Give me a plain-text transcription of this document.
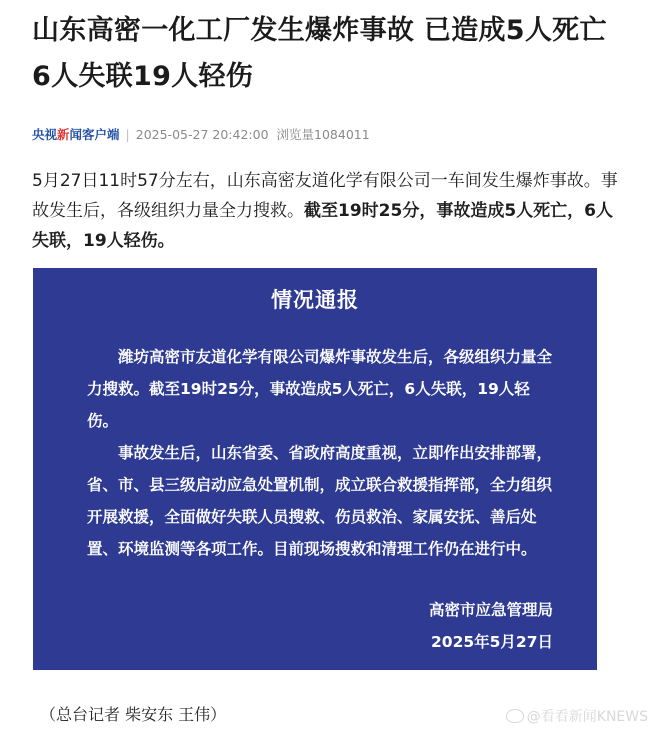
山东高密一化工厂发生爆炸事故 已造成5人死亡6人失联19人轻伤
央视新闻客户端 | 2025-05-27 20:42:00 浏览量1084011

5月27日11时57分左右，山东高密友道化学有限公司一车间发生爆炸事故。事故发生后，各级组织力量全力搜救。截至19时25分，事故造成5人死亡，6人失联，19人轻伤。

情况通报

潍坊高密市友道化学有限公司爆炸事故发生后，各级组织力量全力搜救。截至19时25分，事故造成5人死亡，6人失联，19人轻伤。

事故发生后，山东省委、省政府高度重视，立即作出安排部署，省、市、县三级启动应急处置机制，成立联合救援指挥部，全力组织开展救援，全面做好失联人员搜救、伤员救治、家属安抚、善后处置、环境监测等各项工作。目前现场搜救和清理工作仍在进行中。

高密市应急管理局
2025年5月27日
（总台记者 柴安东 王伟）	@看看新闻KNEWS
